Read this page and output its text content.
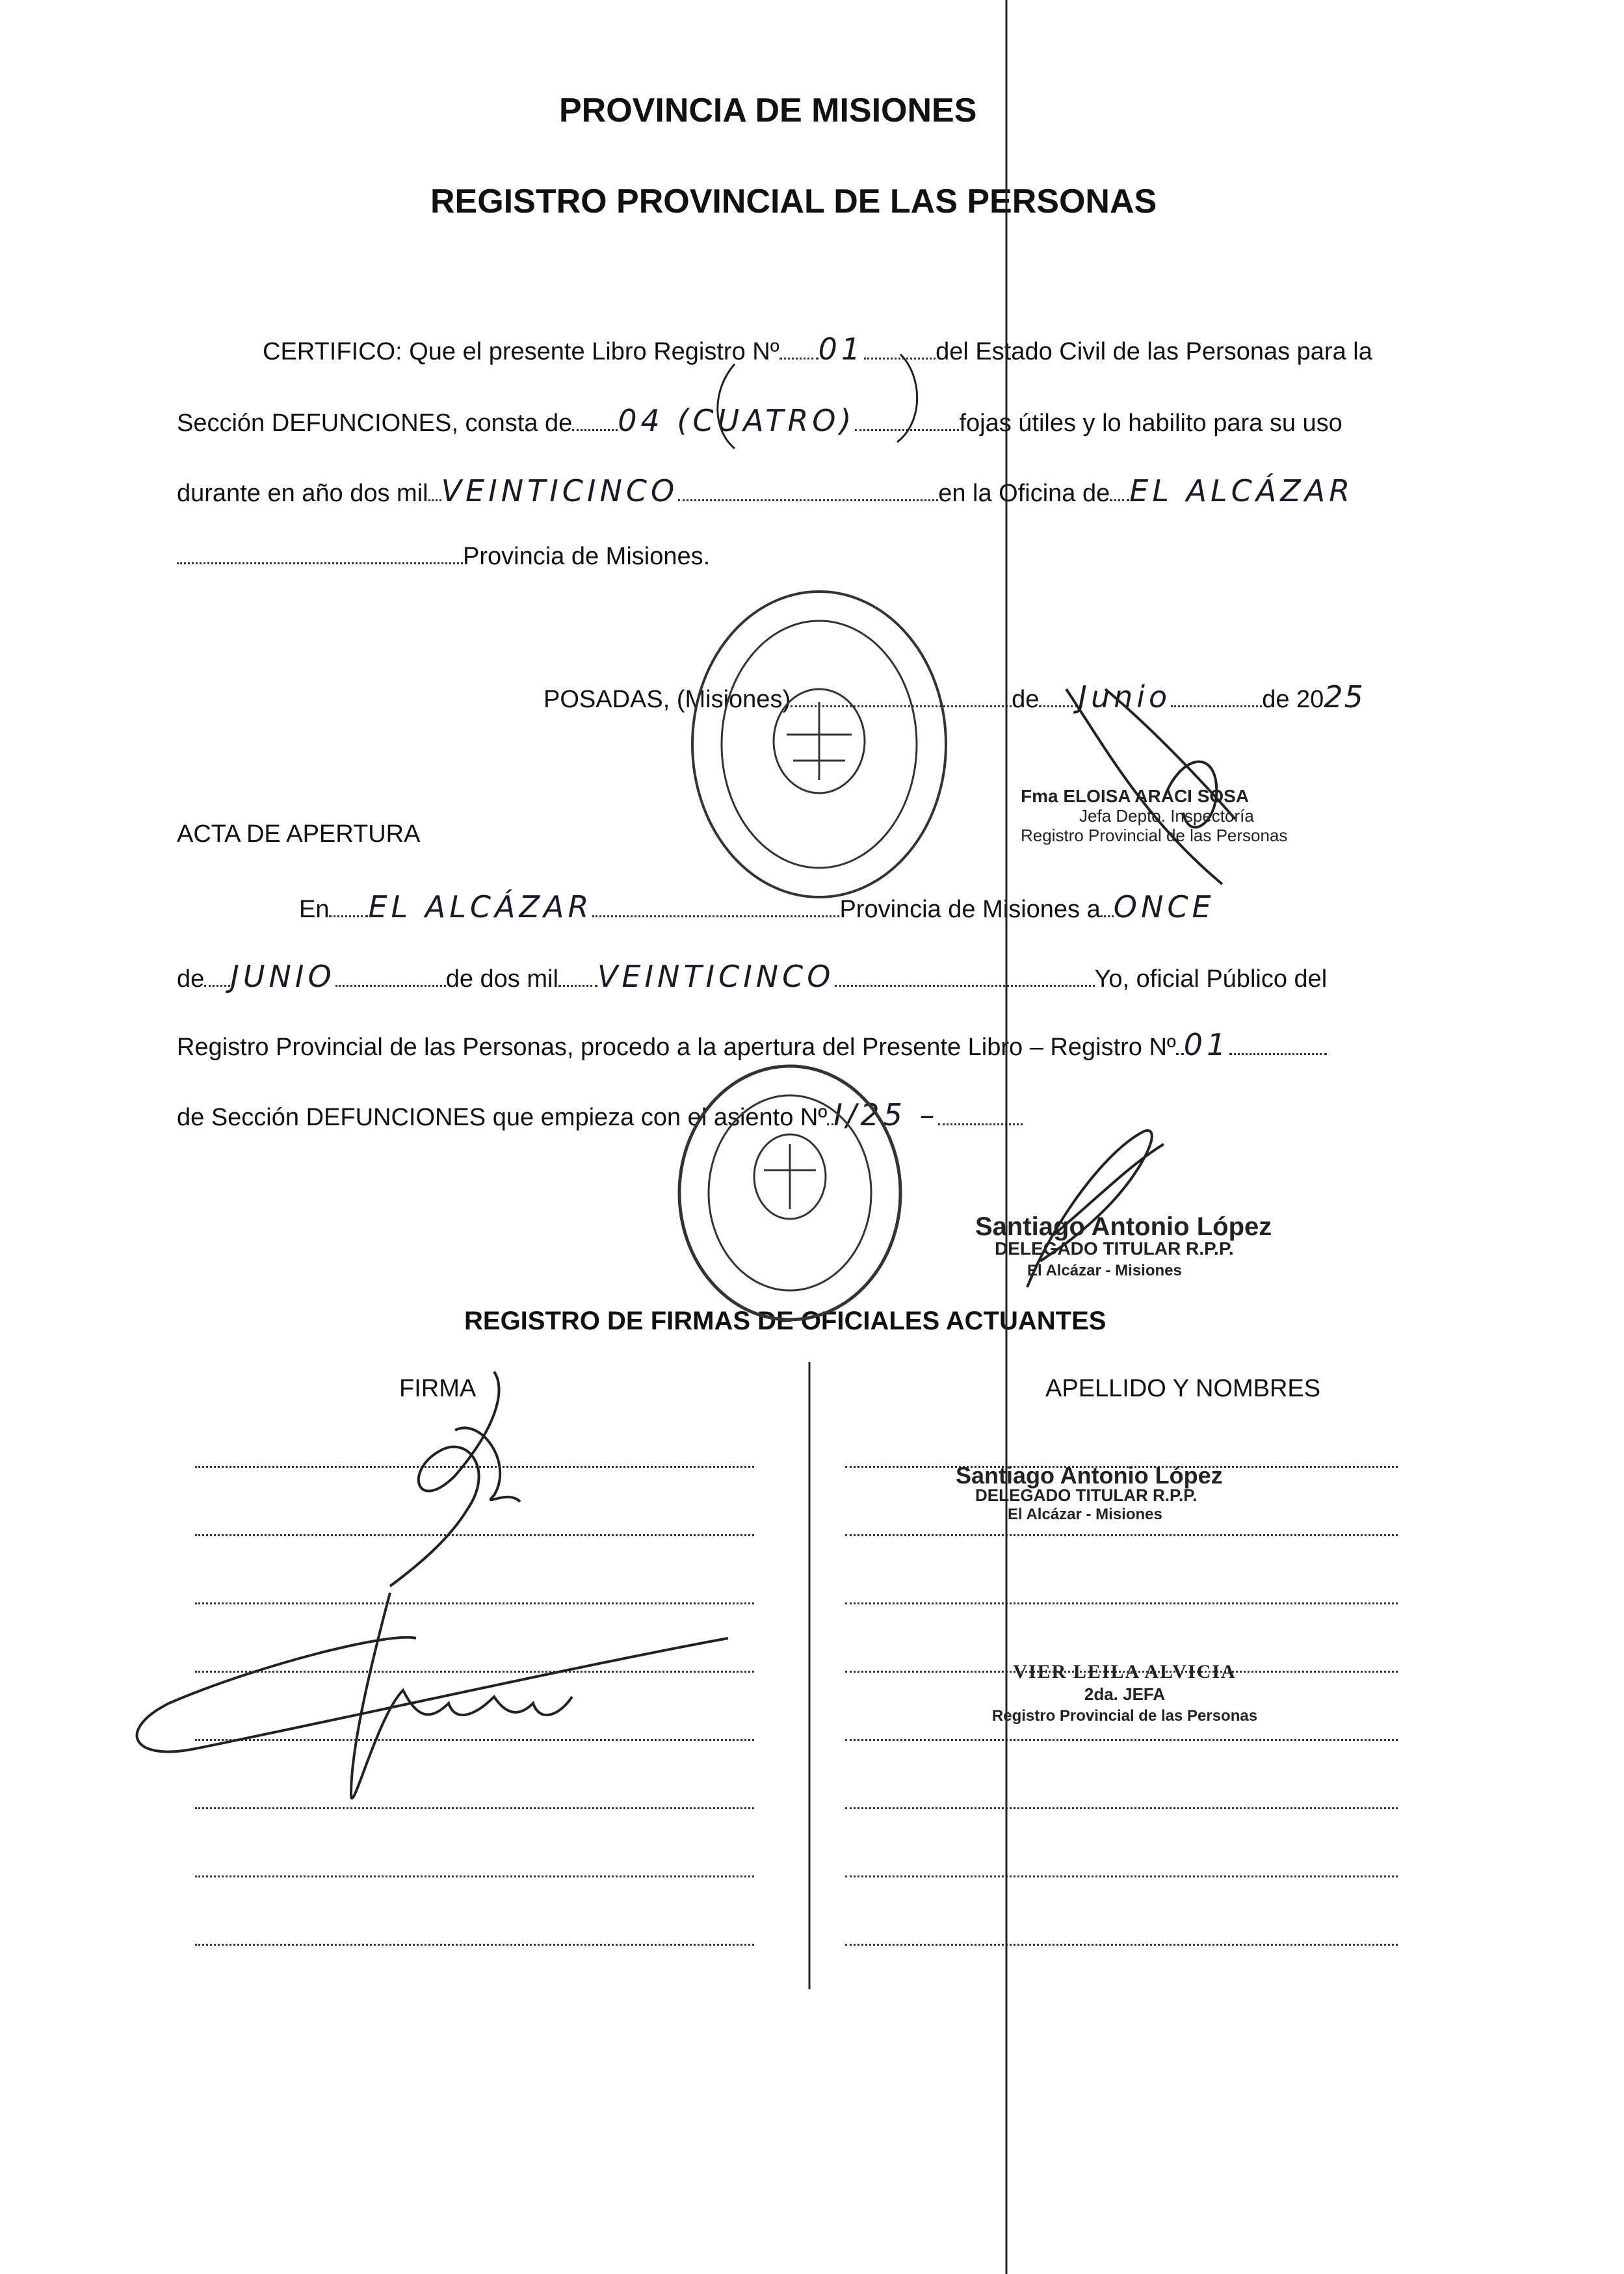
PROVINCIA DE MISIONES
REGISTRO PROVINCIAL DE LAS PERSONAS
CERTIFICO: Que el presente Libro Registro Nº 01	del Estado Civil de las Personas para la
Sección DEFUNCIONES, consta de 04 (CUATRO)	fojas útiles y lo habilito para su uso
durante en año dos mil VEINTICINCO	en la Oficina de EL ALCÁZAR
Provincia de Misiones.
POSADAS, (Misiones)	de Junio	de 2025
Fma ELOISA ARACI SOSA
Jefa Depto. Inspectoría
Registro Provincial de las Personas
ACTA DE APERTURA
En EL ALCÁZAR	Provincia de Misiones a ONCE
de JUNIO	de dos mil VEINTICINCO	Yo, oficial Público del
Registro Provincial de las Personas, procedo a la apertura del Presente Libro – Registro Nº 01
de Sección DEFUNCIONES que empieza con el asiento Nº I/25 –
Santiago Antonio López
DELEGADO TITULAR R.P.P.
El Alcázar - Misiones
REGISTRO DE FIRMAS DE OFICIALES ACTUANTES
FIRMA	APELLIDO Y NOMBRES
Santiago Antonio López
DELEGADO TITULAR R.P.P.
El Alcázar - Misiones
VIER LEILA ALVICIA
2da. JEFA
Registro Provincial de las Personas
